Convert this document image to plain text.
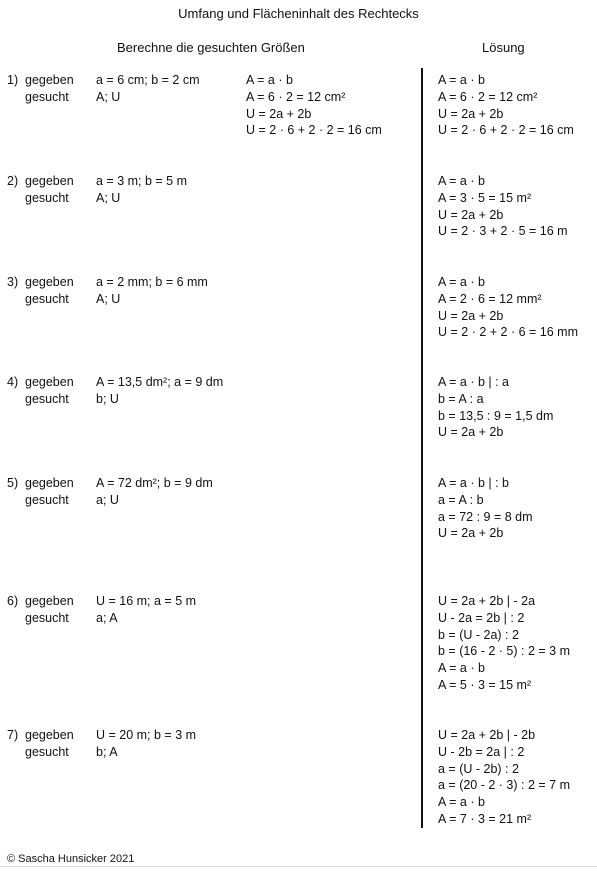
Umfang und Flächeninhalt des Rechtecks
Berechne die gesuchten Größen	Lösung
1) gegeben
gesucht
a = 6 cm; b = 2 cm
A; U
A = a · b
A = 6 · 2 = 12 cm²
U = 2a + 2b
U = 2 · 6 + 2 · 2 = 16 cm
A = a · b
A = 6 · 2 = 12 cm²
U = 2a + 2b
U = 2 · 6 + 2 · 2 = 16 cm
2) gegeben
gesucht
a = 3 m; b = 5 m
A; U
A = a · b
A = 3 · 5 = 15 m²
U = 2a + 2b
U = 2 · 3 + 2 · 5 = 16 m
3) gegeben
gesucht
a = 2 mm; b = 6 mm
A; U
A = a · b
A = 2 · 6 = 12 mm²
U = 2a + 2b
U = 2 · 2 + 2 · 6 = 16 mm
4) gegeben
gesucht
A = 13,5 dm²; a = 9 dm
b; U
A = a · b | : a
b = A : a
b = 13,5 : 9 = 1,5 dm
U = 2a + 2b
5) gegeben
gesucht
A = 72 dm²; b = 9 dm
a; U
A = a · b | : b
a = A : b
a = 72 : 9 = 8 dm
U = 2a + 2b
6) gegeben
gesucht
U = 16 m; a = 5 m
a; A
U = 2a + 2b | - 2a
U - 2a = 2b | : 2
b = (U - 2a) : 2
b = (16 - 2 · 5) : 2 = 3 m
A = a · b
A = 5 · 3 = 15 m²
7) gegeben
gesucht
U = 20 m; b = 3 m
b; A
U = 2a + 2b | - 2b
U - 2b = 2a | : 2
a = (U - 2b) : 2
a = (20 - 2 · 3) : 2 = 7 m
A = a · b
A = 7 · 3 = 21 m²
© Sascha Hunsicker 2021
